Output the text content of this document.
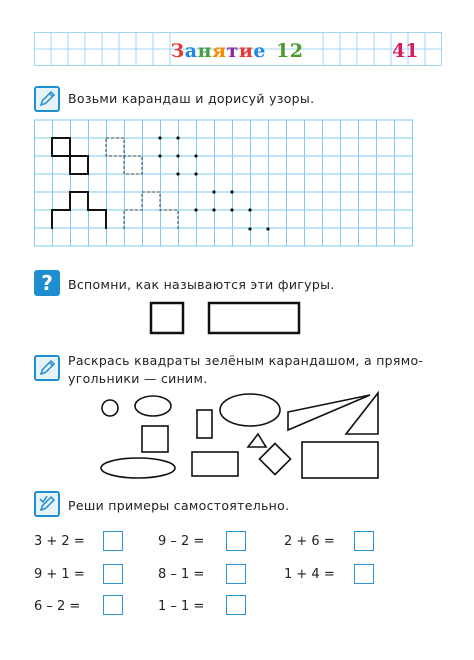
Занятие 12	41
Возьми карандаш и дорисуй узоры.
?	Вспомни, как называются эти фигуры.
Раскрась квадраты зелёным карандашом, а прямо-
угольники — синим.
Реши примеры самостоятельно.
3 + 2 =	9 – 2 =	2 + 6 =
9 + 1 =	8 – 1 =	1 + 4 =
6 – 2 =	1 – 1 =
